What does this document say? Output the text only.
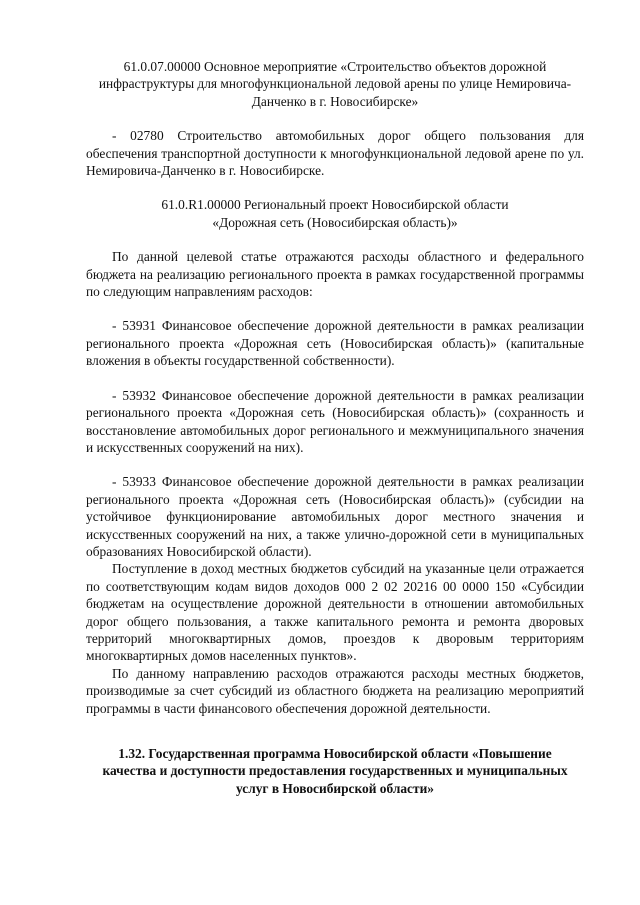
61.0.07.00000 Основное мероприятие «Строительство объектов дорожной инфраструктуры для многофункциональной ледовой арены по улице Немировича-Данченко в г. Новосибирске»

- 02780 Строительство автомобильных дорог общего пользования для обеспечения транспортной доступности к многофункциональной ледовой арене по ул. Немировича-Данченко в г. Новосибирске.

61.0.R1.00000 Региональный проект Новосибирской области «Дорожная сеть (Новосибирская область)»

По данной целевой статье отражаются расходы областного и федерального бюджета на реализацию регионального проекта в рамках государственной программы по следующим направлениям расходов:

- 53931 Финансовое обеспечение дорожной деятельности в рамках реализации регионального проекта «Дорожная сеть (Новосибирская область)» (капитальные вложения в объекты государственной собственности).

- 53932 Финансовое обеспечение дорожной деятельности в рамках реализации регионального проекта «Дорожная сеть (Новосибирская область)» (сохранность и восстановление автомобильных дорог регионального и межмуниципального значения и искусственных сооружений на них).

- 53933 Финансовое обеспечение дорожной деятельности в рамках реализации регионального проекта «Дорожная сеть (Новосибирская область)» (субсидии на устойчивое функционирование автомобильных дорог местного значения и искусственных сооружений на них, а также улично-дорожной сети в муниципальных образованиях Новосибирской области).

Поступление в доход местных бюджетов субсидий на указанные цели отражается по соответствующим кодам видов доходов 000 2 02 20216 00 0000 150 «Субсидии бюджетам на осуществление дорожной деятельности в отношении автомобильных дорог общего пользования, а также капитального ремонта и ремонта дворовых территорий многоквартирных домов, проездов к дворовым территориям многоквартирных домов населенных пунктов».

По данному направлению расходов отражаются расходы местных бюджетов, производимые за счет субсидий из областного бюджета на реализацию мероприятий программы в части финансового обеспечения дорожной деятельности.

1.32. Государственная программа Новосибирской области «Повышение качества и доступности предоставления государственных и муниципальных услуг в Новосибирской области»
